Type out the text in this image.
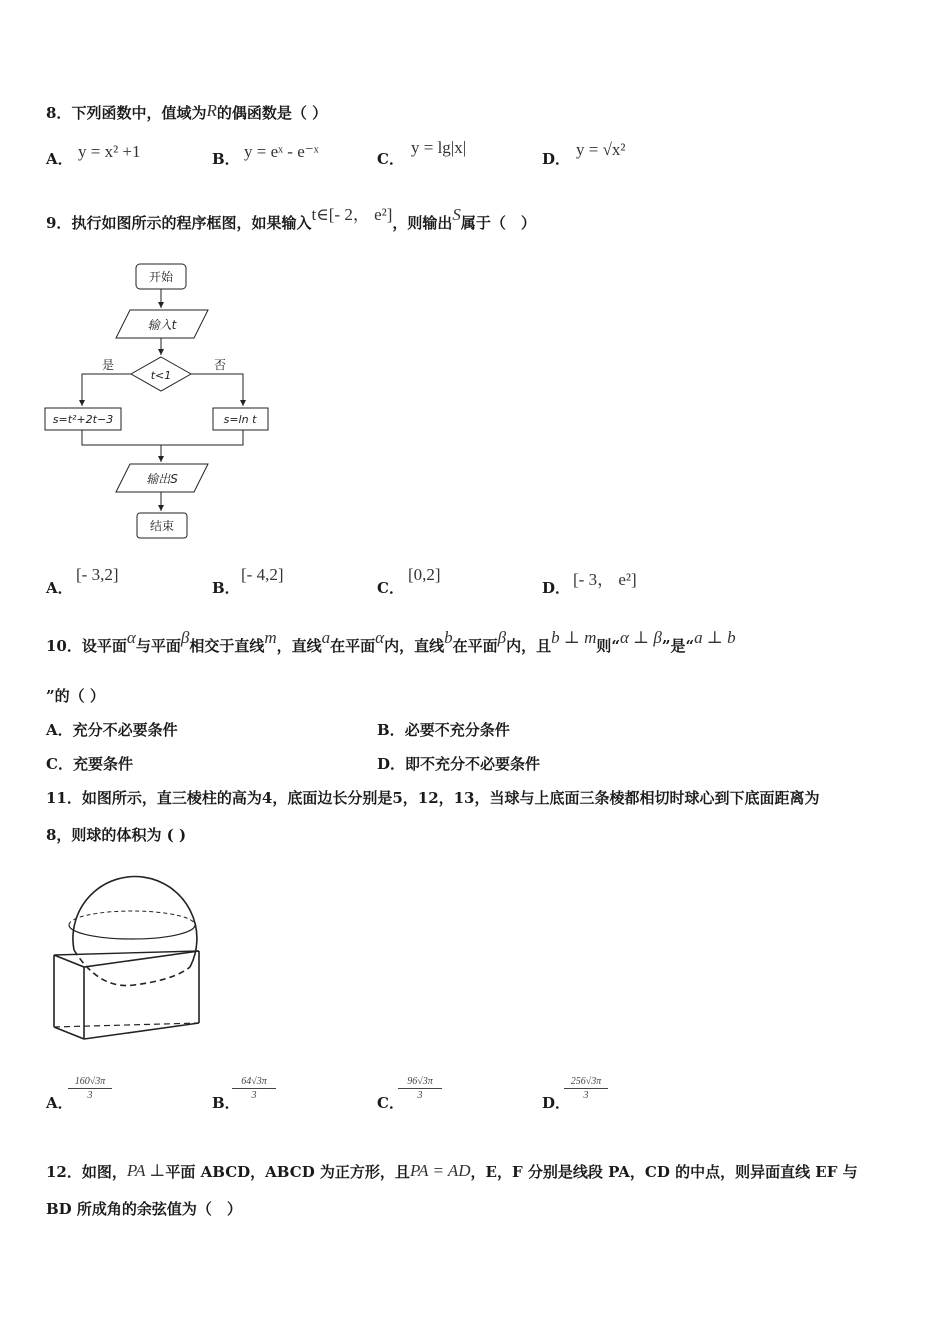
8．下列函数中，值域为R的偶函数是（ ）
A． y = x² +1	B． y = eˣ - e⁻ˣ	C．
y = lg|x|
D． y = √x²
9．执行如图所示的程序框图，如果输入t∈[- 2， e²]，则输出S属于（　）
开始
输入t
t<1
是	否
s=t²+2t−3	s=ln t
输出S
结束
A．
[- 3,2]
B．
[- 4,2]
C．
[0,2]
D． [- 3， e²]
10．设平面α与平面β相交于直线m，直线a在平面α内，直线b在平面β内，且b ⊥ m则“α ⊥ β”是“a ⊥ b
”的（ ）
A．充分不必要条件	B．必要不充分条件
C．充要条件	D．即不充分不必要条件
11．如图所示，直三棱柱的高为4，底面边长分别是5，12，13，当球与上底面三条棱都相切时球心到下底面距离为
8，则球的体积为 ( )
A．
$\frac{160√3\pi}{3}$
B．
$\frac{64√3\pi}{3}$
C．
$\frac{96√3\pi}{3}$
D．
$\frac{256√3\pi}{3}$
12．如图，PA ⊥平面 ABCD，ABCD 为正方形，且PA = AD，E，F 分别是线段 PA，CD 的中点，则异面直线 EF 与
BD 所成角的余弦值为（　）
